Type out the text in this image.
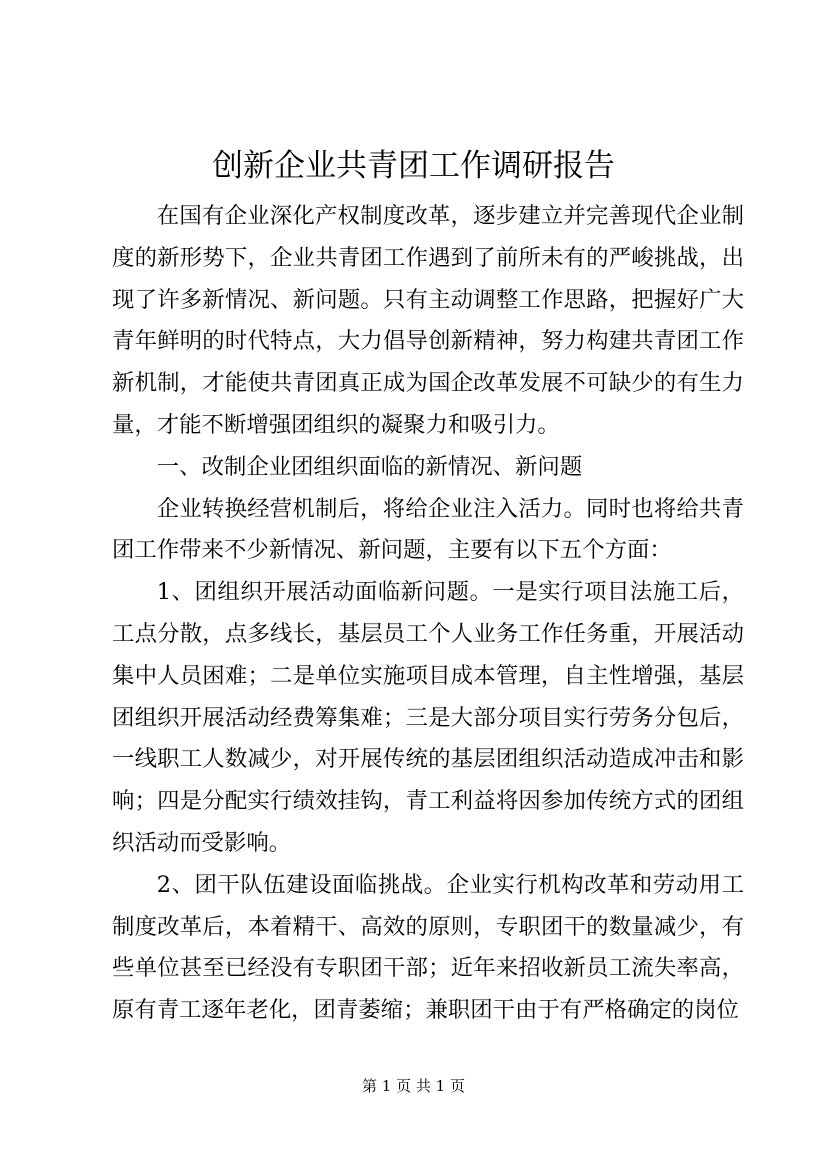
创新企业共青团工作调研报告

在国有企业深化产权制度改革，逐步建立并完善现代企业制度的新形势下，企业共青团工作遇到了前所未有的严峻挑战，出现了许多新情况、新问题。只有主动调整工作思路，把握好广大青年鲜明的时代特点，大力倡导创新精神，努力构建共青团工作新机制，才能使共青团真正成为国企改革发展不可缺少的有生力量，才能不断增强团组织的凝聚力和吸引力。

一、改制企业团组织面临的新情况、新问题

企业转换经营机制后，将给企业注入活力。同时也将给共青团工作带来不少新情况、新问题，主要有以下五个方面：

1、团组织开展活动面临新问题。一是实行项目法施工后，工点分散，点多线长，基层员工个人业务工作任务重，开展活动集中人员困难；二是单位实施项目成本管理，自主性增强，基层团组织开展活动经费筹集难；三是大部分项目实行劳务分包后，一线职工人数减少，对开展传统的基层团组织活动造成冲击和影响；四是分配实行绩效挂钩，青工利益将因参加传统方式的团组织活动而受影响。

2、团干队伍建设面临挑战。企业实行机构改革和劳动用工制度改革后，本着精干、高效的原则，专职团干的数量减少，有些单位甚至已经没有专职团干部；近年来招收新员工流失率高，原有青工逐年老化，团青萎缩；兼职团干由于有严格确定的岗位

第 1 页 共 1 页
